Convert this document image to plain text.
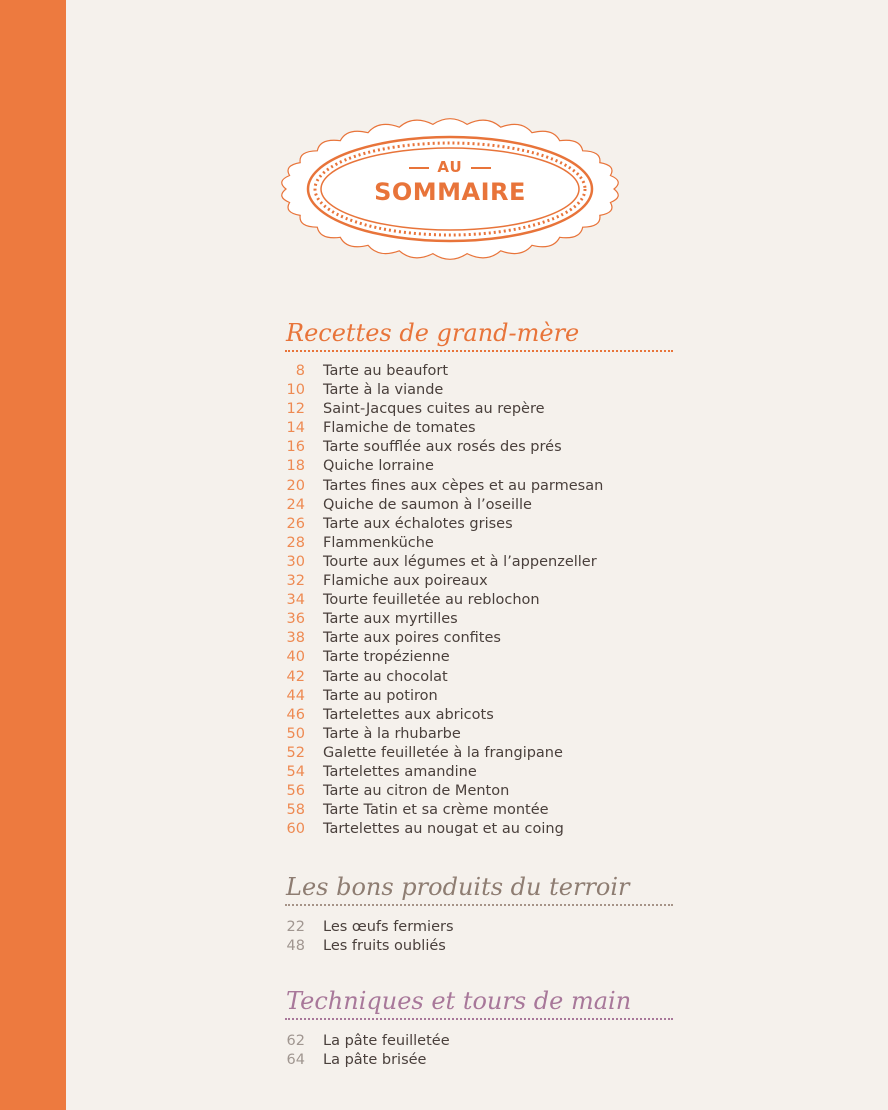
AU
SOMMAIRE
Recettes de grand-mère
8 Tarte au beaufort
10 Tarte à la viande
12 Saint-Jacques cuites au repère
14 Flamiche de tomates
16 Tarte soufflée aux rosés des prés
18 Quiche lorraine
20 Tartes fines aux cèpes et au parmesan
24 Quiche de saumon à l’oseille
26 Tarte aux échalotes grises
28 Flammenküche
30 Tourte aux légumes et à l’appenzeller
32 Flamiche aux poireaux
34 Tourte feuilletée au reblochon
36 Tarte aux myrtilles
38 Tarte aux poires confites
40 Tarte tropézienne
42 Tarte au chocolat
44 Tarte au potiron
46 Tartelettes aux abricots
50 Tarte à la rhubarbe
52 Galette feuilletée à la frangipane
54 Tartelettes amandine
56 Tarte au citron de Menton
58 Tarte Tatin et sa crème montée
60 Tartelettes au nougat et au coing
Les bons produits du terroir
22 Les œufs fermiers
48 Les fruits oubliés
Techniques et tours de main
62 La pâte feuilletée
64 La pâte brisée
